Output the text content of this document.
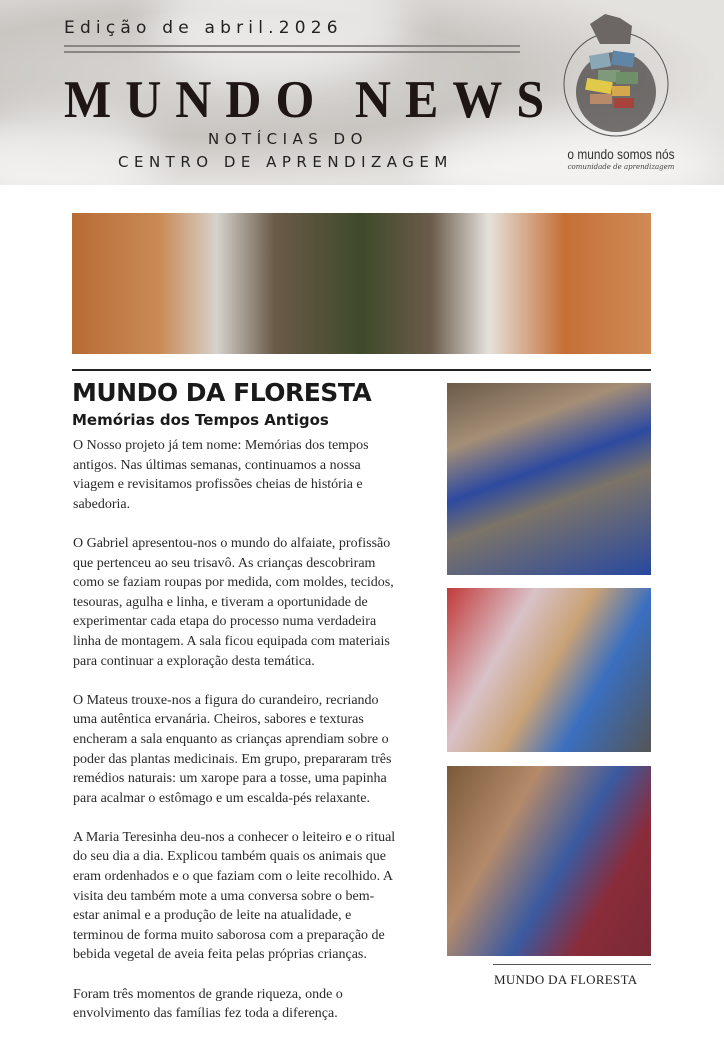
Edição de abril.2026
MUNDO NEWS
NOTÍCIAS DO
CENTRO DE APRENDIZAGEM	o mundo somos nós
comunidade de aprendizagem
MUNDO DA FLORESTA
Memórias dos Tempos Antigos

O Nosso projeto já tem nome: Memórias dos tempos
antigos. Nas últimas semanas, continuamos a nossa
viagem e revisitamos profissões cheias de história e
sabedoria.

O Gabriel apresentou-nos o mundo do alfaiate, profissão
que pertenceu ao seu trisavô. As crianças descobriram
como se faziam roupas por medida, com moldes, tecidos,
tesouras, agulha e linha, e tiveram a oportunidade de
experimentar cada etapa do processo numa verdadeira
linha de montagem. A sala ficou equipada com materiais
para continuar a exploração desta temática.

O Mateus trouxe-nos a figura do curandeiro, recriando
uma autêntica ervanária. Cheiros, sabores e texturas
encheram a sala enquanto as crianças aprendiam sobre o
poder das plantas medicinais. Em grupo, prepararam três
remédios naturais: um xarope para a tosse, uma papinha
para acalmar o estômago e um escalda-pés relaxante.

A Maria Teresinha deu-nos a conhecer o leiteiro e o ritual
do seu dia a dia. Explicou também quais os animais que
eram ordenhados e o que faziam com o leite recolhido. A
visita deu também mote a uma conversa sobre o bem-
estar animal e a produção de leite na atualidade, e
terminou de forma muito saborosa com a preparação de
bebida vegetal de aveia feita pelas próprias crianças.

Foram três momentos de grande riqueza, onde o
envolvimento das famílias fez toda a diferença.

MUNDO DA FLORESTA
